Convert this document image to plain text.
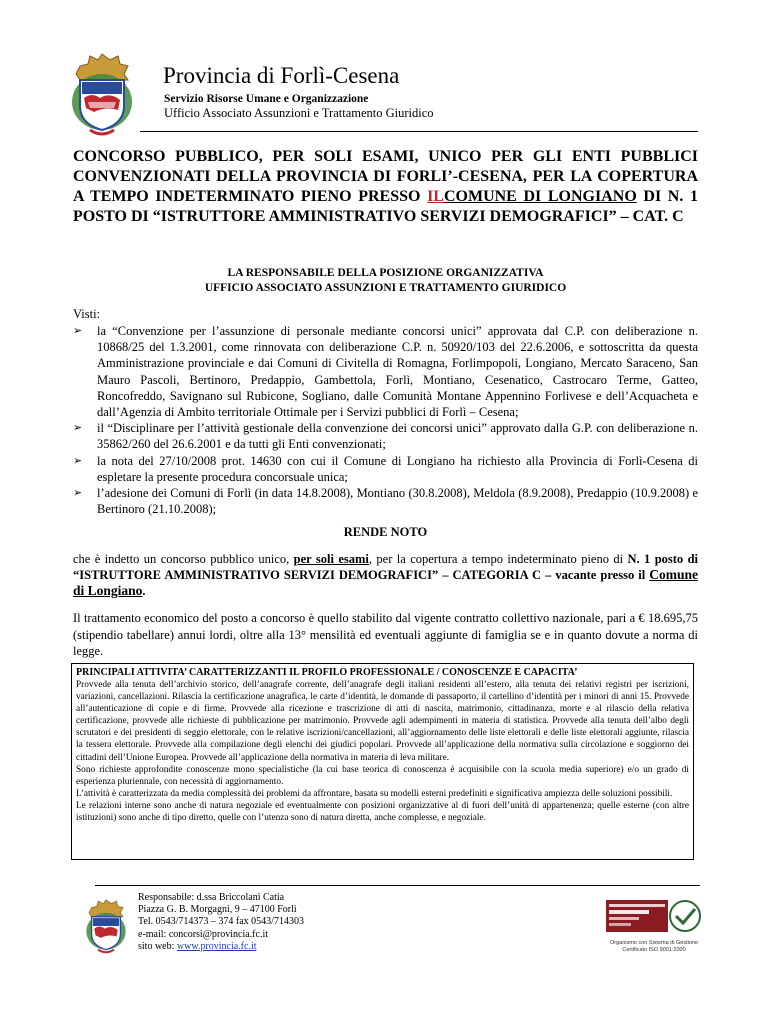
Provincia di Forlì-Cesena
Servizio Risorse Umane e Organizzazione
Ufficio Associato Assunzioni e Trattamento Giuridico
CONCORSO PUBBLICO, PER SOLI ESAMI, UNICO PER GLI ENTI PUBBLICI CONVENZIONATI DELLA PROVINCIA DI FORLI’-CESENA, PER LA COPERTURA A TEMPO INDETERMINATO PIENO PRESSO ILCOMUNE DI LONGIANO DI N. 1 POSTO DI “ISTRUTTORE AMMINISTRATIVO SERVIZI DEMOGRAFICI” – CAT. C
LA RESPONSABILE DELLA POSIZIONE ORGANIZZATIVA
UFFICIO ASSOCIATO ASSUNZIONI E TRATTAMENTO GIURIDICO
Visti:
➢ la “Convenzione per l’assunzione di personale mediante concorsi unici” approvata dal C.P. con deliberazione n. 10868/25 del 1.3.2001, come rinnovata con deliberazione C.P. n. 50920/103 del 22.6.2006, e sottoscritta da questa Amministrazione provinciale e dai Comuni di Civitella di Romagna, Forlimpopoli, Longiano, Mercato Saraceno, San Mauro Pascoli, Bertinoro, Predappio, Gambettola, Forlì, Montiano, Cesenatico, Castrocaro Terme, Gatteo, Roncofreddo, Savignano sul Rubicone, Sogliano, dalle Comunità Montane Appennino Forlivese e dell’Acquacheta e dall’Agenzia di Ambito territoriale Ottimale per i Servizi pubblici di Forlì – Cesena;
➢ il “Disciplinare per l’attività gestionale della convenzione dei concorsi unici” approvato dalla G.P. con deliberazione n. 35862/260 del 26.6.2001 e da tutti gli Enti convenzionati;
➢ la nota del 27/10/2008 prot. 14630 con cui il Comune di Longiano ha richiesto alla Provincia di Forlì-Cesena di espletare la presente procedura concorsuale unica;
➢ l’adesione dei Comuni di Forlì (in data 14.8.2008), Montiano (30.8.2008), Meldola (8.9.2008), Predappio (10.9.2008) e Bertinoro (21.10.2008);
RENDE NOTO
che è indetto un concorso pubblico unico, per soli esami, per la copertura a tempo indeterminato pieno di N. 1 posto di “ISTRUTTORE AMMINISTRATIVO SERVIZI DEMOGRAFICI” – CATEGORIA C – vacante presso il Comune di Longiano.
Il trattamento economico del posto a concorso è quello stabilito dal vigente contratto collettivo nazionale, pari a € 18.695,75 (stipendio tabellare) annui lordi, oltre alla 13° mensilità ed eventuali aggiunte di famiglia se e in quanto dovute a norma di legge.
PRINCIPALI ATTIVITA’ CARATTERIZZANTI IL PROFILO PROFESSIONALE / CONOSCENZE E CAPACITA’
Provvede alla tenuta dell’archivio storico, dell’anagrafe corrente, dell’anagrafe degli italiani residenti all’estero, alla tenuta dei relativi registri per iscrizioni, variazioni, cancellazioni. Rilascia la certificazione anagrafica, le carte d’identità, le domande di passaporto, il cartellino d’identità per i minori di anni 15. Provvede all’autenticazione di copie e di firme. Provvede alla ricezione e trascrizione di atti di nascita, matrimonio, cittadinanza, morte e al rilascio della relativa certificazione, provvede alle richieste di pubblicazione per matrimonio. Provvede agli adempimenti in materia di statistica. Provvede alla tenuta dell’albo degli scrutatori e dei presidenti di seggio elettorale, con le relative iscrizioni/cancellazioni, all’aggiornamento delle liste elettorali e delle liste elettorali aggiunte, rilascia la tessera elettorale. Provvede alla compilazione degli elenchi dei giudici popolari. Provvede all’applicazione della normativa sulla circolazione e soggiorno dei cittadini dell’Unione Europea. Provvede all’applicazione della normativa in materia di leva militare.
Sono richieste approfondite conoscenze mono specialistiche (la cui base teorica di conoscenza è acquisibile con la scuola media superiore) e/o un grado di esperienza pluriennale, con necessità di aggiornamento.
L’attività è caratterizzata da media complessità dei problemi da affrontare, basata su modelli esterni predefiniti e significativa ampiezza delle soluzioni possibili.
Le relazioni interne sono anche di natura negoziale ed eventualmente con posizioni organizzative al di fuori dell’unità di appartenenza; quelle esterne (con altre istituzioni) sono anche di tipo diretto, quelle con l’utenza sono di natura diretta, anche complesse, e negoziale.
Responsabile: d.ssa Briccolani Catia
Piazza G. B. Morgagni, 9 – 47100 Forlì
Tel. 0543/714373 – 374 fax 0543/714303
e-mail: concorsi@provincia.fc.it
sito web: www.provincia.fc.it	Organismo con Sistema di Gestione Certificato ISO 9001:2000
